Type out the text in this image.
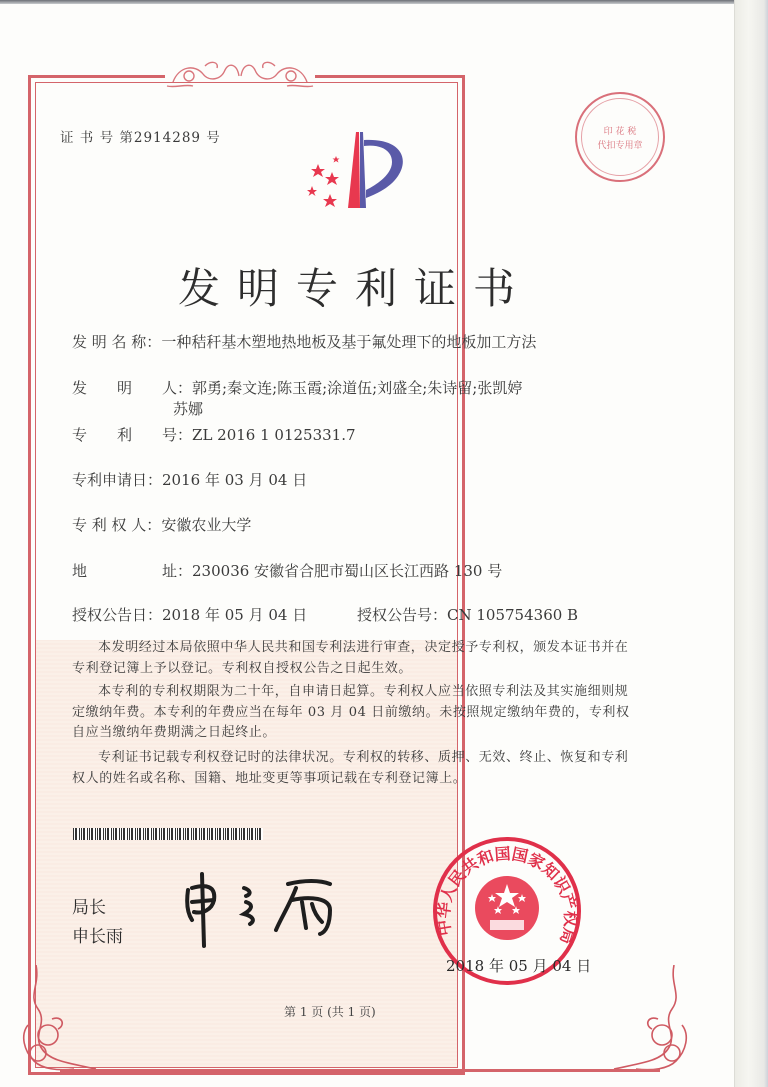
印 花 税
代扣专用章
证 书 号 第2914289 号
发明专利证书
发 明 名 称：一种秸秆基木塑地热地板及基于氟处理下的地板加工方法
发　　明　　人：郭勇;秦文连;陈玉霞;涂道伍;刘盛全;朱诗留;张凯婷
苏娜
专　　利　　号：ZL 2016 1 0125331.7
专利申请日：2016 年 03 月 04 日
专 利 权 人：安徽农业大学
地　　　　　址：230036 安徽省合肥市蜀山区长江西路 130 号
授权公告日：2018 年 05 月 04 日	授权公告号：CN 105754360 B

本发明经过本局依照中华人民共和国专利法进行审查，决定授予专利权，颁发本证书并在专利登记簿上予以登记。专利权自授权公告之日起生效。

本专利的专利权期限为二十年，自申请日起算。专利权人应当依照专利法及其实施细则规定缴纳年费。本专利的年费应当在每年 03 月 04 日前缴纳。未按照规定缴纳年费的，专利权自应当缴纳年费期满之日起终止。

专利证书记载专利权登记时的法律状况。专利权的转移、质押、无效、终止、恢复和专利权人的姓名或名称、国籍、地址变更等事项记载在专利登记簿上。

局长
申长雨	中华人民共和国国家知识产权局
2018 年 05 月 04 日
第 1 页 (共 1 页)
